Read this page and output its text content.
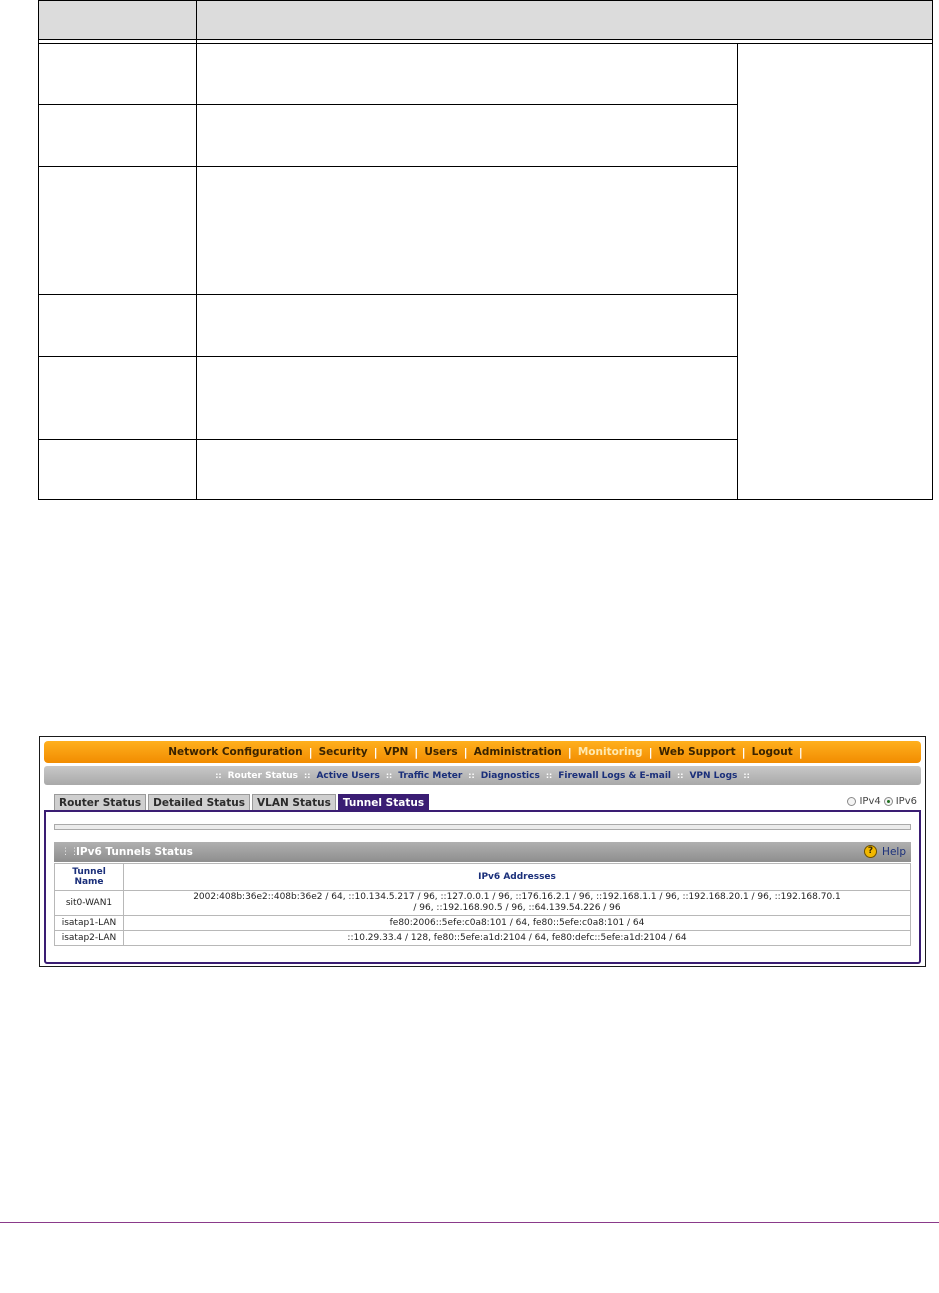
Network Configuration | Security | VPN | Users | Administration | Monitoring | Web Support | Logout |
:: Router Status :: Active Users :: Traffic Meter :: Diagnostics :: Firewall Logs & E-mail :: VPN Logs ::
Router Status	Detailed Status	VLAN Status	Tunnel Status	IPv4 IPv6
⋮⋮
IPv6 Tunnels Status	? Help
Tunnel Name	IPv6 Addresses
sit0-WAN1	2002:408b:36e2::408b:36e2 / 64, ::10.134.5.217 / 96, ::127.0.0.1 / 96, ::176.16.2.1 / 96, ::192.168.1.1 / 96, ::192.168.20.1 / 96, ::192.168.70.1
/ 96, ::192.168.90.5 / 96, ::64.139.54.226 / 96

isatap1-LAN	fe80:2006::5efe:c0a8:101 / 64, fe80::5efe:c0a8:101 / 64
isatap2-LAN	::10.29.33.4 / 128, fe80::5efe:a1d:2104 / 64, fe80:defc::5efe:a1d:2104 / 64
